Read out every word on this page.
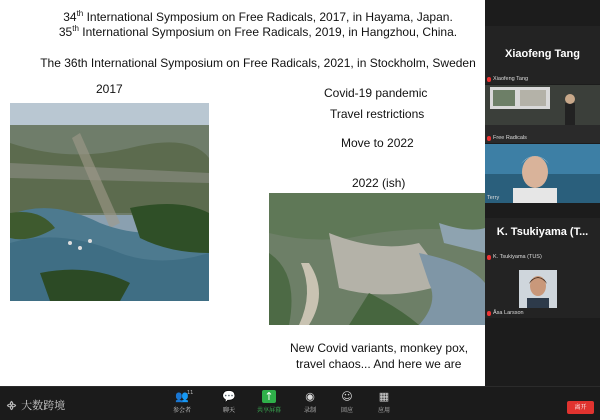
34th International Symposium on Free Radicals, 2017, in Hayama, Japan.
35th International Symposium on Free Radicals, 2019, in Hangzhou, China.
The 36th International Symposium on Free Radicals, 2021, in Stockholm, Sweden
2017	Covid-19 pandemic
Travel restrictions
Move to 2022
2022 (ish)
New Covid variants, monkey pox,
travel chaos... And here we are
Xiaofeng Tang
Xiaofeng Tang
Free Radicals
Terry
K. Tsukiyama (T...
K. Tsukiyama (TUS)
Åsa Larsson
᯽ 大数跨境
👥
11
参会者
💬
聊天
↑
共享屏幕
◉
录制
☺
回应
▦
应用	离开
